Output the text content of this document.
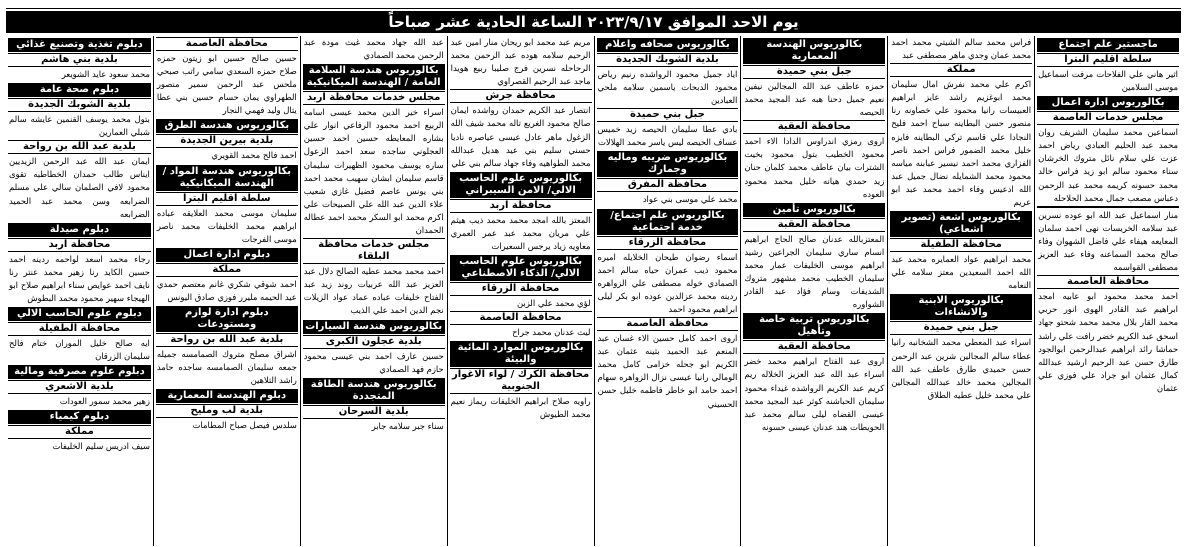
يوم الاحد الموافق ٢٠٢٣/٩/١٧ الساعة الحادية عشر صباحاً
ماجستير علم اجتماع
سلطة اقليم البترا
اثير هاني علي الفلاحات مرفت اسماعيل موسى السلامين
بكالوريوس ادارة اعمال
مجلس خدمات العاصمة
اسماعين محمد سليمان الشريف روان محمد عبد الحليم العبادي رياض احمد عزت علي سلام نائل متروك الخرشان سناء محمود سالم ابو زيد فراس خالد محمد حسونه كريمه محمد عبد الرحمن دعباس مصعب جمال محمد الحلاحله
منار اسماعيل عبد الله ابو عوده نسرين عبد سلامه الخريسات نهى احمد سلمان المعايعه هيفاء علي فاضل الشهوان وفاء صالح محمد السماعنه وفاء عبد العزيز مصطفى القواسمه
محافظة العاصمة
احمد محمد محمود ابو عابيه امجد ابراهيم عبد القادر الهوى انور حربي محمد القار بلال محمد محمد شحتو جهاد اسحق عبد الكريم خضر رافت علي راشد حماشا رائد ابراهيم عبدالرحمن ابوالجود طارق حسن عبد الرحيم ارشيد عبدالله كمال عثمان ابو جراد علي فوزي علي عثمان
فراس محمد سالم الشيتي محمد احمد محمد عمان وجدي ماهر مصطفى عبد
مملكة
اكرم علي محمد نفرش امال سليمان محمد ابوغزيم راشد عايز ابراهيم العبيسات رانيا محمود علي خصاونه رنا منصور حسن البطاينه سباح احمد فليح النجادا علي قاسم تركي البطاينه فايزه خليل محمد الضمور فراس احمد ناصر الفزاري محمد احمد نيسير عبابنه مياسه محمود محمد الشمايله نضال جميل عبد الله ادعيس وفاء احمد محمد عبد ابو عريم
بكالوريوس اشعة (تصوير اشعاعي)
محافظة الطفيلة
محمد ابراهيم عواد العمايره محمد عبد الله احمد السعيدين معتز سلامه علي النعامه
بكالوريوس الابنية والانشاءات
جبل بني حميدة
اسراء عبد المعطي محمد الشخانبه رانيا عطاء سالم المجالين شرين عبد الرحمن حسن حميدي طارق عاطف عبد الله المجالين محمد خالد عبدالله المجالين علي محمد خليل عطيه الطلاق
بكالوريوس الهندسة المعمارية
جبل بني حميدة
حمزه عاطف عبد الله المجالين نيفين نعيم جميل دحنا هبه عبد المجيد محمد الحيصه
محافظة العقبة
اروى رمزي اندراوس الدادا الاء احمد محمود الخطيب بتول محمود بخيت الشترات بيان عاطف محمد كلمان حنان زيد حمدي هيانه خليل محمد محمود العوده
بكالوريوس تأمين
محافظة العقبة
المعتزبالله عدنان صالح الحاج ابراهيم انسام ساري سليمان الجراعين رشيد ابراهيم موسى الخليفات عمار محمد سليمان الخطيب محمد مشهور متروك الشديفات وسام فؤاد عبد القادر الشواوره
بكالوريوس تربية خاصة وتأهيل
محافظة العقبة
اروى عبد الفتاح ابراهيم محمد خضر اسراء عبد الله عبد العزيز الخلاله ريم كريم عبد الكريم الرواشده غيداء محمود سليمان الحباشنه كوثر عبد المجيد محمد عيسى القضاه ليلى سالم محمد عبد الحويطات هند عدنان عيسى حسونه
بكالوريوس صحافه واعلام
بلدية الشوبك الجديدة
اياد جميل محمود الرواشده رنيم رياض محمود الدبحات ياسمين سلامه ملحي العبادين
جبل بني حميدة
بادي عطا سليمان الحيصه زيد خميس عساف الحيصه ليس ياسر محمد الهلالات
بكالوريوس ضريبه وماليه وجمارك
محافظة المفرق
محمد علي موسى بني عواد
بكالوريوس علم اجتماع/خدمة اجتماعية
محافظة الزرقاء
اسماء رضوان طيحان الخلايله اميره محمود ذيب عمران حياه سالم احمد الصمادي خوله مصطفى علي الزواهره ردينه محمد عزالدين عوده ابو بكر ليلى ابراهيم محمود احمد
محافظة العاصمة
اروى احمد كامل حسين الاء غسان عبد المنعم عبد الحميد بثينه عثمان عبد الكريم ابو جحله خزامى كامل محمد الومالي رانيا عيسى نزال الزواهره سهام احمد حامد ابو خاطر فاطمه خليل حسن الحسيني
مريم عبد محمد ابو ريحان منار امين عبد الرحيم سلامه هوده عبد الرحمن محمد الرحاحله نسرين فرج صليبا ربيع هويدا ماجد عبد الرحيم القصراوي
محافظة جرش
انتصار عبد الكريم حمدان رواشده ايمان صالح محمود الغريع تاله محمد شيف الله الزغول ماهر عادل عيسى عياصره ناديا حسني سليم بني عيد هديل عبدالله محمد الطواهيه وفاء جهاد سالم بني علي
بكالوريوس علوم الحاسب الالي/ الامن السيبراني
محافظة اربد
المعتز بالله امجد محمد محمد ذيب هيثم علي مريان محمد عبد عمر العمري معاويه زياد يرجس السعيرات
بكالوريوس علوم الحاسب الالي/ الذكاء الاصطناعي
محافظة الزرقاء
لؤي محمد علي الزبن
محافظة العاصمة
ليث عدنان محمد جراح
بكالوريوس الموارد المائية والبيئة
محافظة الكرك / لواء الاغوار الجنوبية
راويه صلاح ابراهيم الخليفات ريماز نعيم محمد الطيوش
عبد الله جهاد محمد غيث مودة عبد الرحمن محمد الصمادي
بكالوريوس هندسة السلامة العامة / الهندسة الميكانيكية
مجلس خدمات محافظة اربد
اسراء خير الدين محمد عيسى اسامه الربيع احمد محمود الرفاعي انوار علي بشاره المعايطه حسين احمد حسين العجلوني ساجده سعد احمد الزعول ساره يوسف محمود الظهيرات سليمان قاسم سليمان ابشان سهيب محمد احمد بني يونس عاصم فضيل غازي شعيب علاء الدين عبد الله علي الصبيحات علي اكرم محمد ابو السكر محمد احمد عطاله الحمدان
مجلس خدمات محافظة البلقاء
احمد محمد محمد عطيه الصالح دلال عبد العزيز عبد الله عربيات روند زيد عبد الفتاح خليفات عباده عماد عواد الزيلات نجم الدين احمد علي الذيب
بكالوريوس هندسة السيارات
بلدية عجلون الكبرى
حسين عارف احمد بني عيسى محمود حازم فهد الصمادي
بكالوريوس هندسة الطاقة المتجددة
بلدية السرحان
سناء جبر سلامه جابر
محافظة العاصمة
حسين صالح حسين ابو زيتون حمزه صلاح حمزه السعدي سامي راتب صبحي ملحس عبد الرحمن سمير منصور الطهراوي يمان حسام حسين بني عطا يتال وليد فهمي النجار
بكالوريوس هندسة الطرق
بلدية بيرين الجديدة
احمد فالح محمد القويري
بكالوريوس هندسة المواد / الهندسة الميكانيكية
سلطة اقليم البترا
سليمان موسى محمد العلايقه عباده ابراهيم محمد الخليفات محمد ناصر موسى الفرجات
دبلوم ادارة اعمال
مملكة
احمد شوقي شكري غانم معتصم حمدي عيد الحيمه مليرر فوزي صادق اليونس
دبلوم ادارة لوازم ومستودعات
بلدية عبد الله بن رواحة
اشراق مصلح متروك الصمامسه جميله جمعه سليمان الصمامسه ساجده حامد راشد التلاهين
دبلوم الهندسة المعمارية
بلدية لب ومليح
سلدس فيصل صباح المطامات
دبلوم تغذية وتصنيع غذائي
بلدية بني هاشم
محمد سعود عايد الشويعر
دبلوم صحة عامة
بلدية الشوبك الجديدة
بتول محمد يوسف القنمين عايشه سالم شبلي العمارين
بلدية عبد الله بن رواحة
ايمان عبد الله عبد الرحمن الزيديين ايناس طالب حمدان الخطاطبه تقوى محمود لافي الصلمان سالي علي مسلم الضرابعه وسن محمد عبد الحميد الضرابعه
دبلوم صيدلة
محافظة اربد
رجاء محمد اسعد لواحمه ردينه احمد حسين الكايد رنا زهير محمد عنتر رنا نايف احمد عوايص سناء ابراهيم صلاح ابو الهيجاء سهير محمود محمد البطوش
دبلوم علوم الحاسب الالي
محافظة الطفيلة
ايه صالح خليل الموران ختام فالح سليمان الزرقان
دبلوم علوم مصرفية ومالية
بلدية الاشعري
زهير محمد سمور العودات
دبلوم كيمياء
مملكة
سيف ادريس سليم الخليفات
